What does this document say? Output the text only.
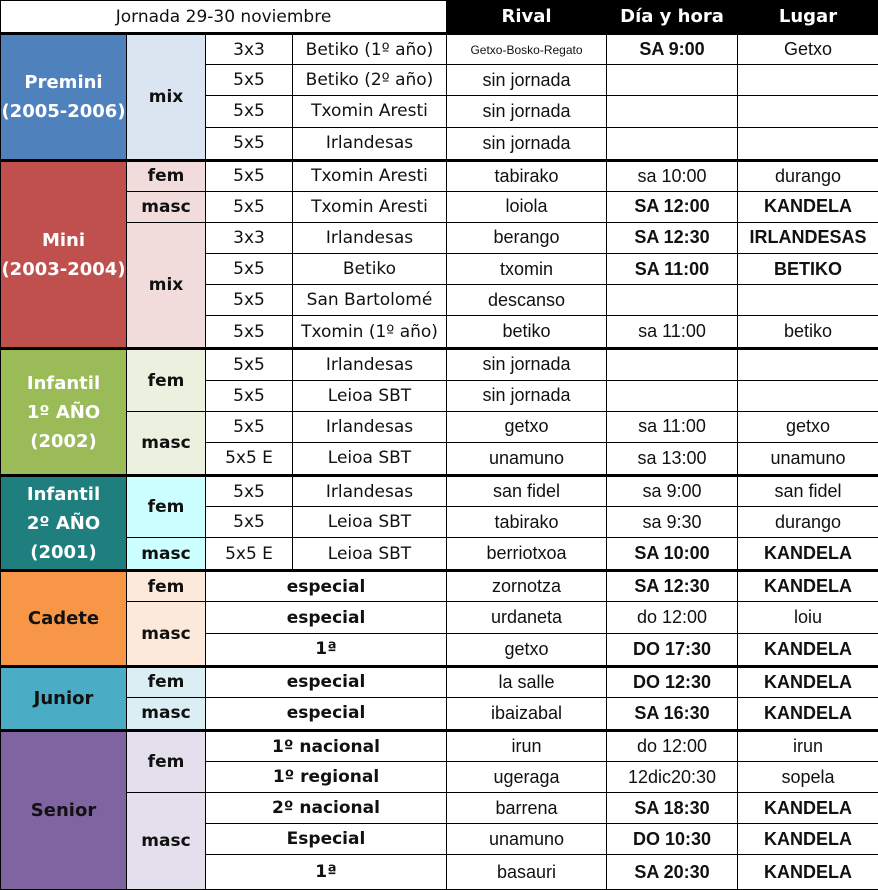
Jornada 29-30 noviembre				Rival	Día y hora	Lugar
Premini
(2005-2006)	mix	3x3	Betiko (1º año)	Getxo-Bosko-Regato	SA 9:00	Getxo
		5x5	Betiko (2º año)	sin jornada		
		5x5	Txomin Aresti	sin jornada		
		5x5	Irlandesas	sin jornada		
Mini
(2003-2004)	fem	5x5	Txomin Aresti	tabirako	sa 10:00	durango
	masc	5x5	Txomin Aresti	loiola	SA 12:00	KANDELA
	mix	3x3	Irlandesas	berango	SA 12:30	IRLANDESAS
		5x5	Betiko	txomin	SA 11:00	BETIKO
		5x5	San Bartolomé	descanso		
		5x5	Txomin (1º año)	betiko	sa 11:00	betiko
Infantil
1º AÑO
(2002)	fem	5x5	Irlandesas	sin jornada		
		5x5	Leioa SBT	sin jornada		
	masc	5x5	Irlandesas	getxo	sa 11:00	getxo
		5x5 E	Leioa SBT	unamuno	sa 13:00	unamuno
Infantil
2º AÑO
(2001)	fem	5x5	Irlandesas	san fidel	sa 9:00	san fidel
		5x5	Leioa SBT	tabirako	sa 9:30	durango
	masc	5x5 E	Leioa SBT	berriotxoa	SA 10:00	KANDELA
Cadete	fem	especial		zornotza	SA 12:30	KANDELA
	masc	especial		urdaneta	do 12:00	loiu
		1ª		getxo	DO 17:30	KANDELA
Junior	fem	especial		la salle	DO 12:30	KANDELA
	masc	especial		ibaizabal	SA 16:30	KANDELA
Senior	fem	1º nacional		irun	do 12:00	irun
		1º regional		ugeraga	12dic20:30	sopela
	masc	2º nacional		barrena	SA 18:30	KANDELA
		Especial		unamuno	DO 10:30	KANDELA
		1ª		basauri	SA 20:30	KANDELA
